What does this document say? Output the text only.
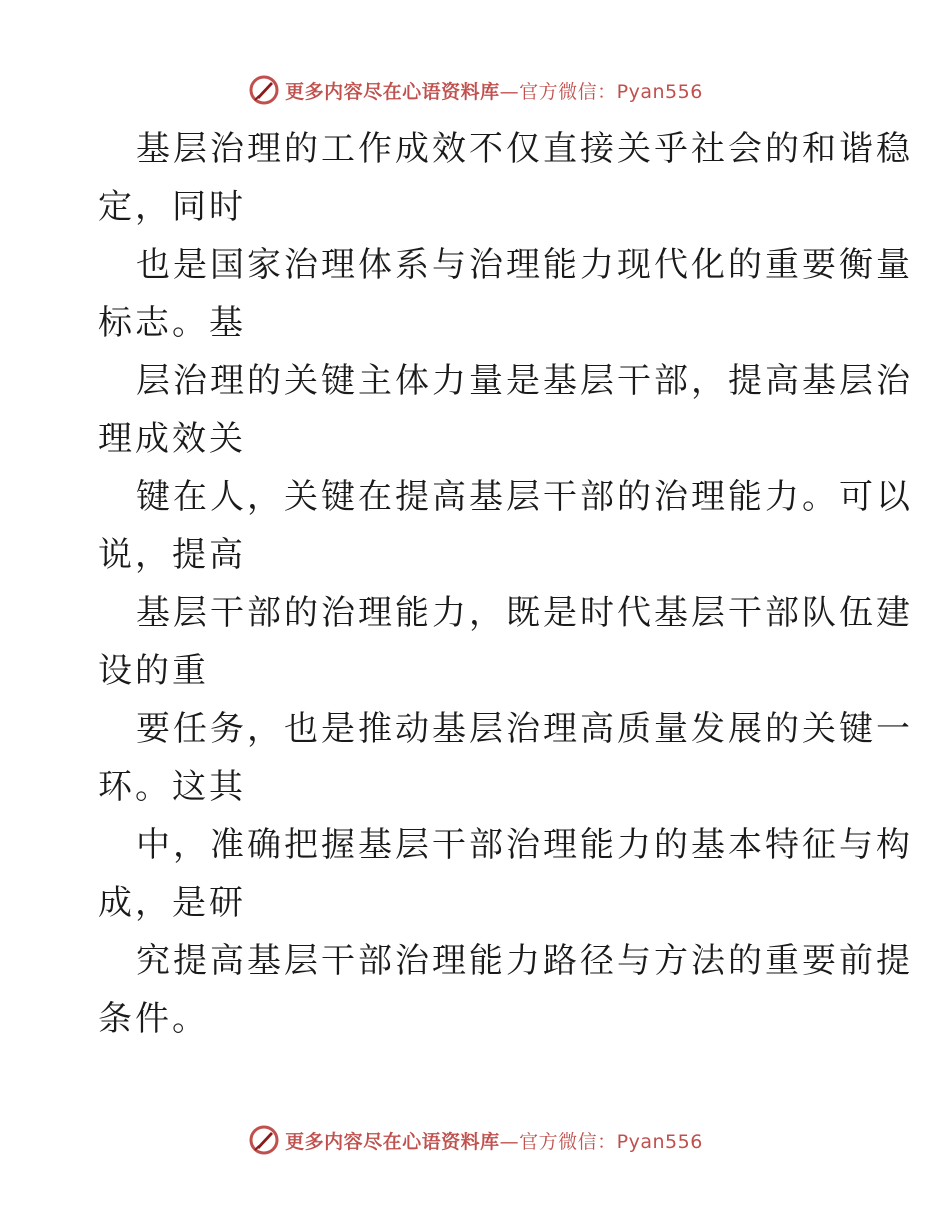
更多内容尽在心语资料库—官方微信：Pyan556

基层治理的工作成效不仅直接关乎社会的和谐稳

定，同时

也是国家治理体系与治理能力现代化的重要衡量

标志。基

层治理的关键主体力量是基层干部，提高基层治

理成效关

键在人，关键在提高基层干部的治理能力。可以

说，提高

基层干部的治理能力，既是时代基层干部队伍建

设的重

要任务，也是推动基层治理高质量发展的关键一

环。这其

中，准确把握基层干部治理能力的基本特征与构

成，是研

究提高基层干部治理能力路径与方法的重要前提

条件。

更多内容尽在心语资料库—官方微信：Pyan556
